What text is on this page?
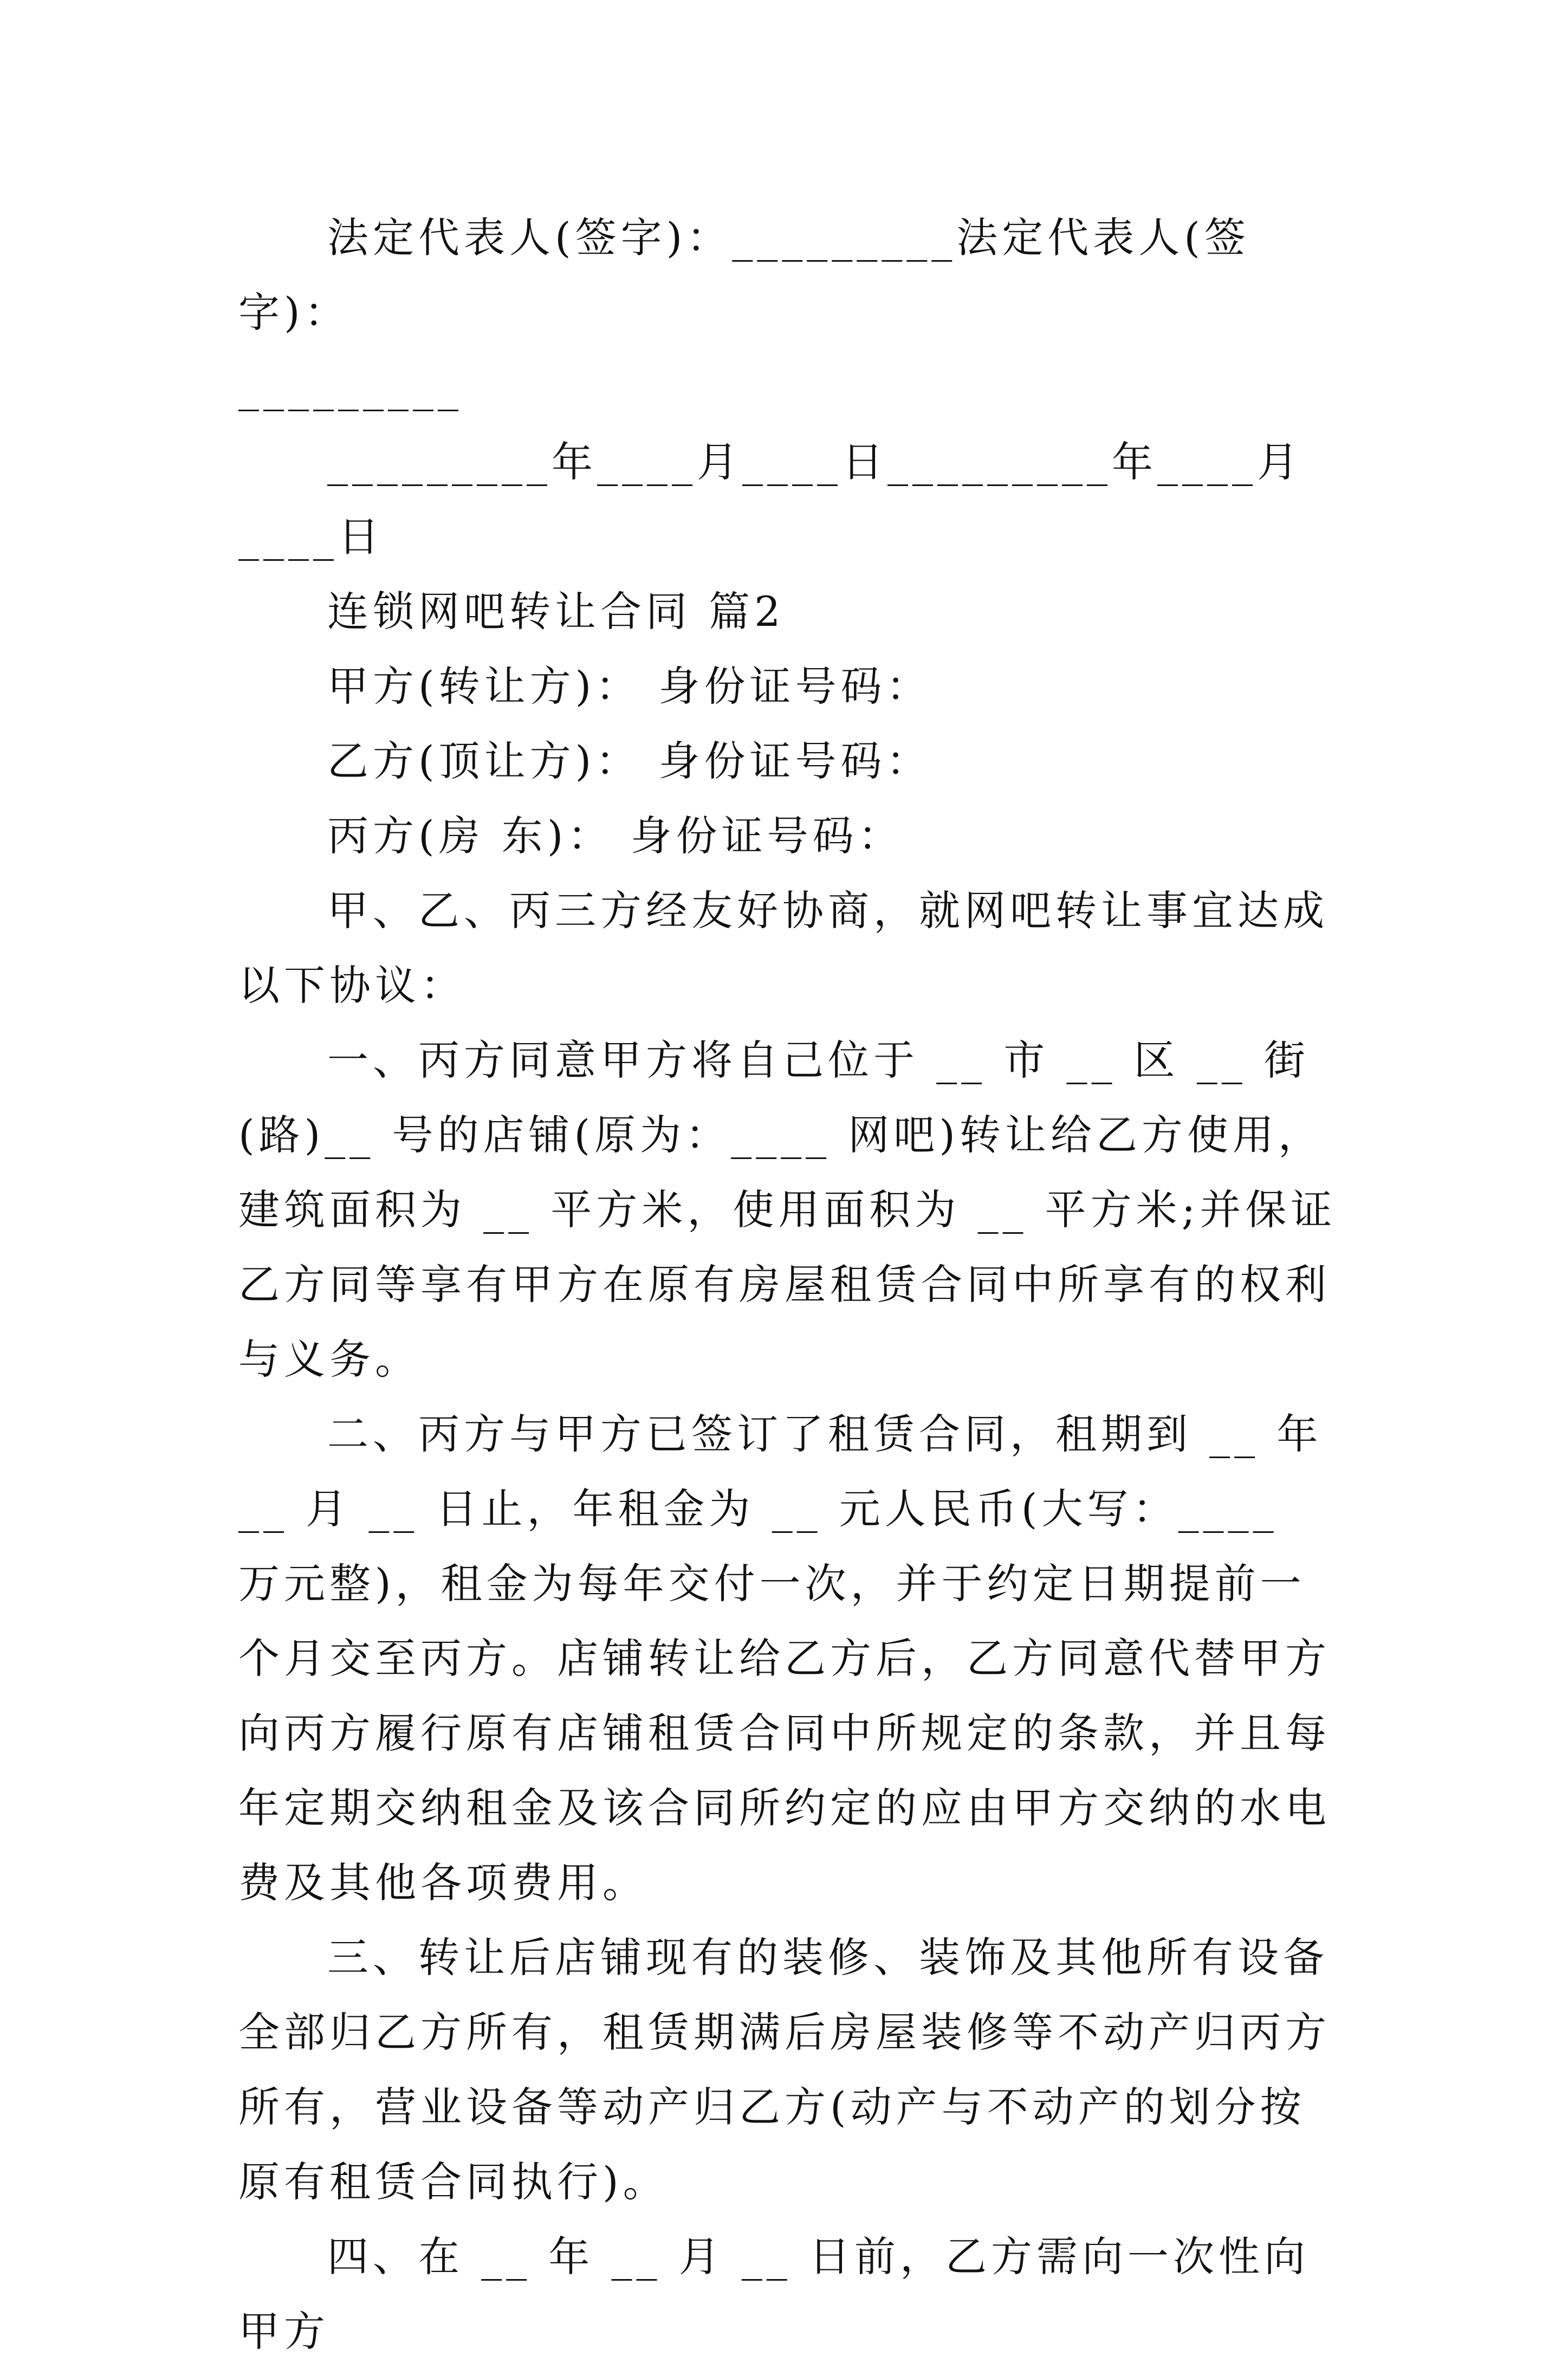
法定代表人(签字)：_________法定代表人(签字)：

_________

_________年____月____日_________年____月____日

连锁网吧转让合同 篇2

甲方(转让方)： 身份证号码：

乙方(顶让方)： 身份证号码：

丙方(房 东)： 身份证号码：

甲、乙、丙三方经友好协商，就网吧转让事宜达成以下协议：

一、丙方同意甲方将自己位于 __ 市 __ 区 __ 街(路)__ 号的店铺(原为：____ 网吧)转让给乙方使用，建筑面积为 __ 平方米，使用面积为 __ 平方米;并保证乙方同等享有甲方在原有房屋租赁合同中所享有的权利与义务。

二、丙方与甲方已签订了租赁合同，租期到 __ 年 __ 月 __ 日止，年租金为 __ 元人民币(大写：____ 万元整)，租金为每年交付一次，并于约定日期提前一个月交至丙方。店铺转让给乙方后，乙方同意代替甲方向丙方履行原有店铺租赁合同中所规定的条款，并且每年定期交纳租金及该合同所约定的应由甲方交纳的水电费及其他各项费用。

三、转让后店铺现有的装修、装饰及其他所有设备全部归乙方所有，租赁期满后房屋装修等不动产归丙方所有，营业设备等动产归乙方(动产与不动产的划分按原有租赁合同执行)。

四、在 __ 年 __ 月 __ 日前，乙方需向一次性向甲方
